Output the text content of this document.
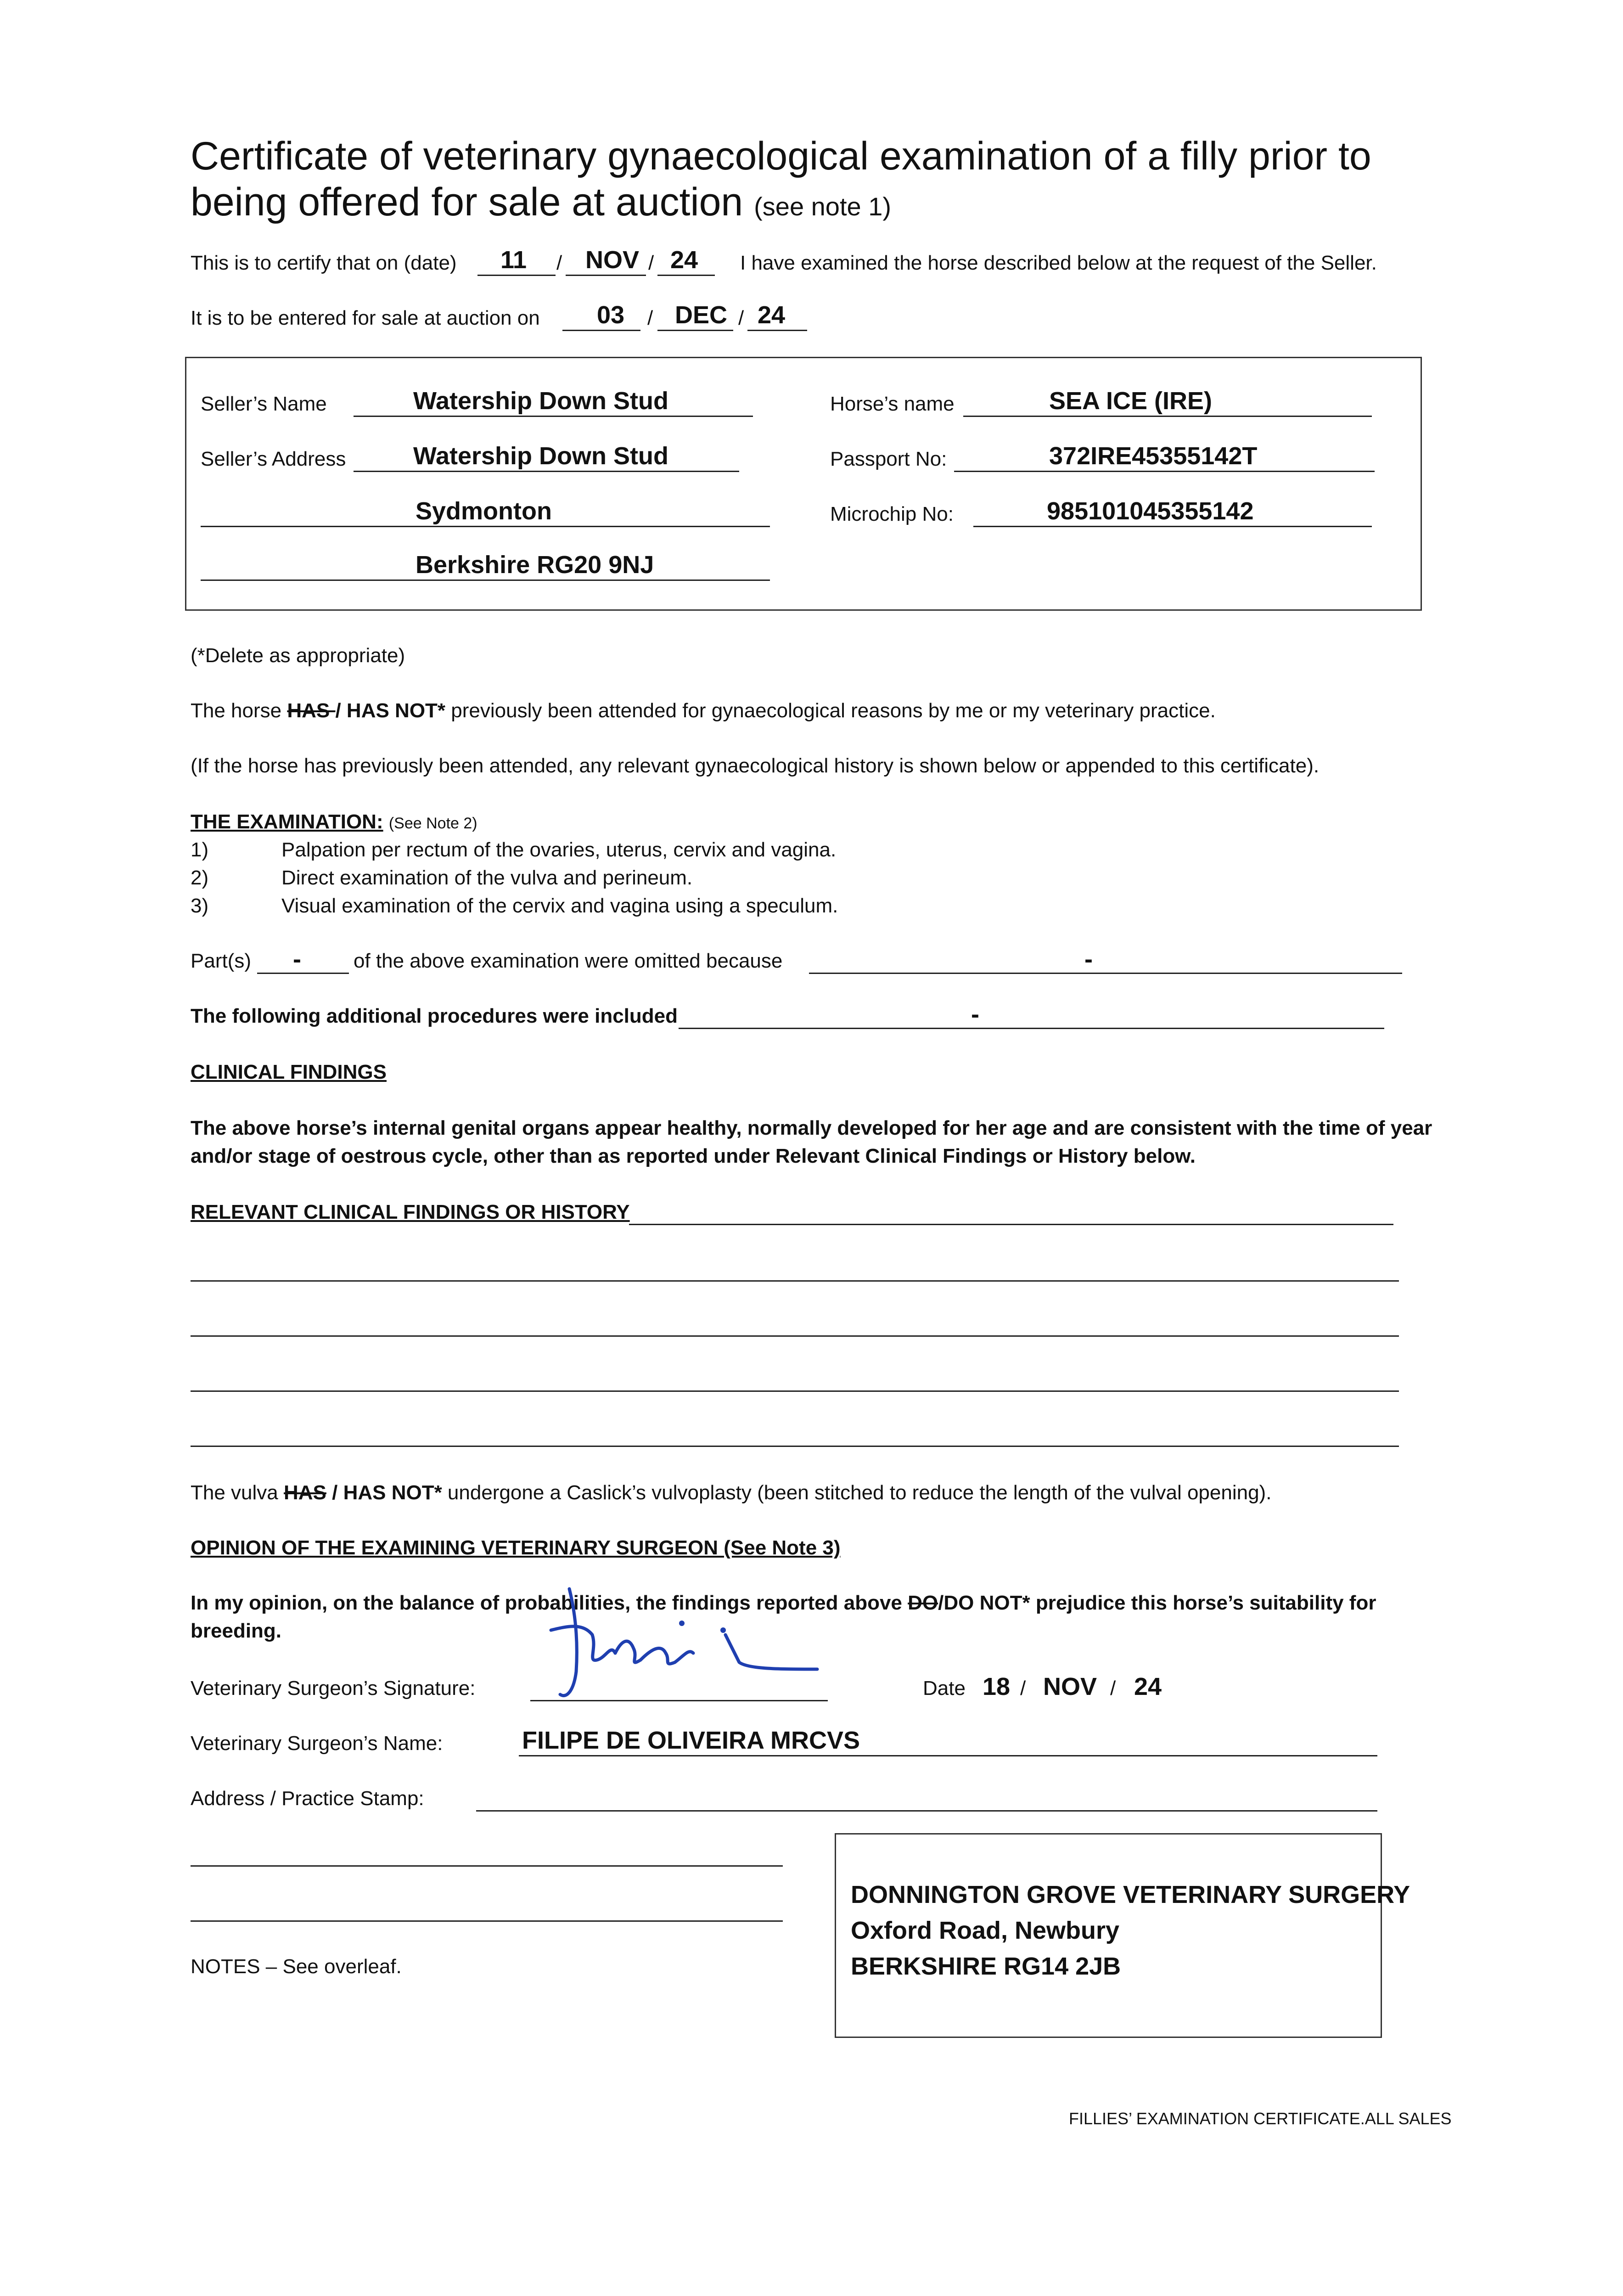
Certificate of veterinary gynaecological examination of a filly prior to
being offered for sale at auction (see note 1)
This is to certify that on (date) 11 / NOV / 24 I have examined the horse described below at the request of the Seller.
It is to be entered for sale at auction on 03 / DEC / 24
Seller’s Name	Watership Down Stud
Seller’s Address	Watership Down Stud
Sydmonton
Berkshire RG20 9NJ
Horse’s name	SEA ICE (IRE)
Passport No:	372IRE45355142T
Microchip No:	985101045355142
(*Delete as appropriate)
The horse HAS / HAS NOT* previously been attended for gynaecological reasons by me or my veterinary practice.
(If the horse has previously been attended, any relevant gynaecological history is shown below or appended to this certificate).
THE EXAMINATION: (See Note 2)
1)	Palpation per rectum of the ovaries, uterus, cervix and vagina.
2)	Direct examination of the vulva and perineum.
3)	Visual examination of the cervix and vagina using a speculum.
Part(s) -	of the above examination were omitted because	-
The following additional procedures were included	-
CLINICAL FINDINGS
The above horse’s internal genital organs appear healthy, normally developed for her age and are consistent with the time of year
and/or stage of oestrous cycle, other than as reported under Relevant Clinical Findings or History below.
RELEVANT CLINICAL FINDINGS OR HISTORY
The vulva HAS / HAS NOT* undergone a Caslick’s vulvoplasty (been stitched to reduce the length of the vulval opening).
OPINION OF THE EXAMINING VETERINARY SURGEON (See Note 3)
In my opinion, on the balance of probabilities, the findings reported above DO/DO NOT* prejudice this horse’s suitability for
breeding.
Veterinary Surgeon’s Signature:	Date 18 / NOV / 24
Veterinary Surgeon’s Name:	FILIPE DE OLIVEIRA MRCVS
Address / Practice Stamp:
DONNINGTON GROVE VETERINARY SURGERY
Oxford Road, Newbury
BERKSHIRE RG14 2JB
NOTES – See overleaf.
FILLIES’ EXAMINATION CERTIFICATE.ALL SALES
